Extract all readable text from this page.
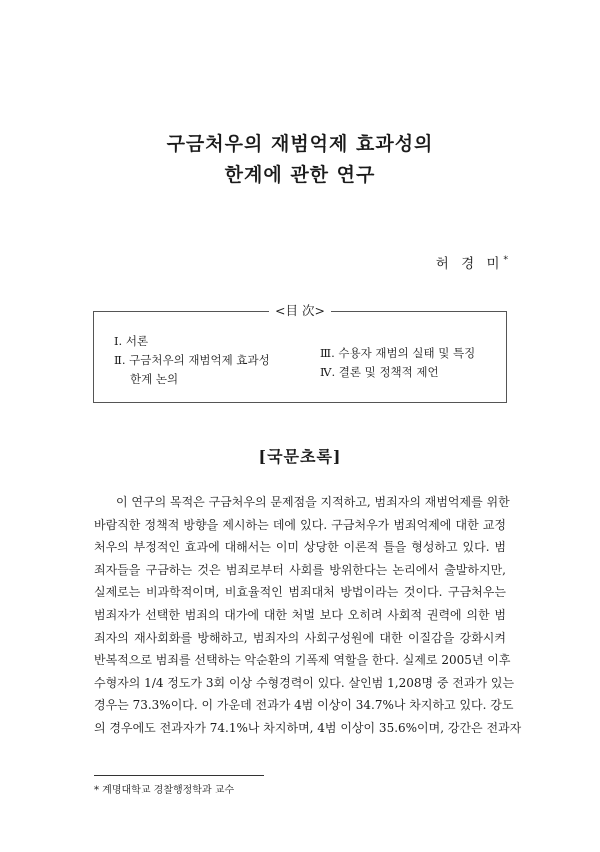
구금처우의 재범억제 효과성의
한계에 관한 연구
허 경 미*
<目 次>
Ⅰ. 서론
Ⅱ. 구금처우의 재범억제 효과성
한계 논의
Ⅲ. 수용자 재범의 실태 및 특징
Ⅳ. 결론 및 정책적 제언
[국문초록]
이 연구의 목적은 구금처우의 문제점을 지적하고, 범죄자의 재범억제를 위한
바람직한 정책적 방향을 제시하는 데에 있다. 구금처우가 범죄억제에 대한 교정
처우의 부정적인 효과에 대해서는 이미 상당한 이론적 틀을 형성하고 있다. 범
죄자들을 구금하는 것은 범죄로부터 사회를 방위한다는 논리에서 출발하지만,
실제로는 비과학적이며, 비효율적인 범죄대처 방법이라는 것이다. 구금처우는
범죄자가 선택한 범죄의 대가에 대한 처벌 보다 오히려 사회적 권력에 의한 범
죄자의 재사회화를 방해하고, 범죄자의 사회구성원에 대한 이질감을 강화시켜
반복적으로 범죄를 선택하는 악순환의 기폭제 역할을 한다. 실제로 2005년 이후
수형자의 1/4 정도가 3회 이상 수형경력이 있다. 살인범 1,208명 중 전과가 있는
경우는 73.3%이다. 이 가운데 전과가 4범 이상이 34.7%나 차지하고 있다. 강도
의 경우에도 전과자가 74.1%나 차지하며, 4범 이상이 35.6%이며, 강간은 전과자
* 계명대학교 경찰행정학과 교수
